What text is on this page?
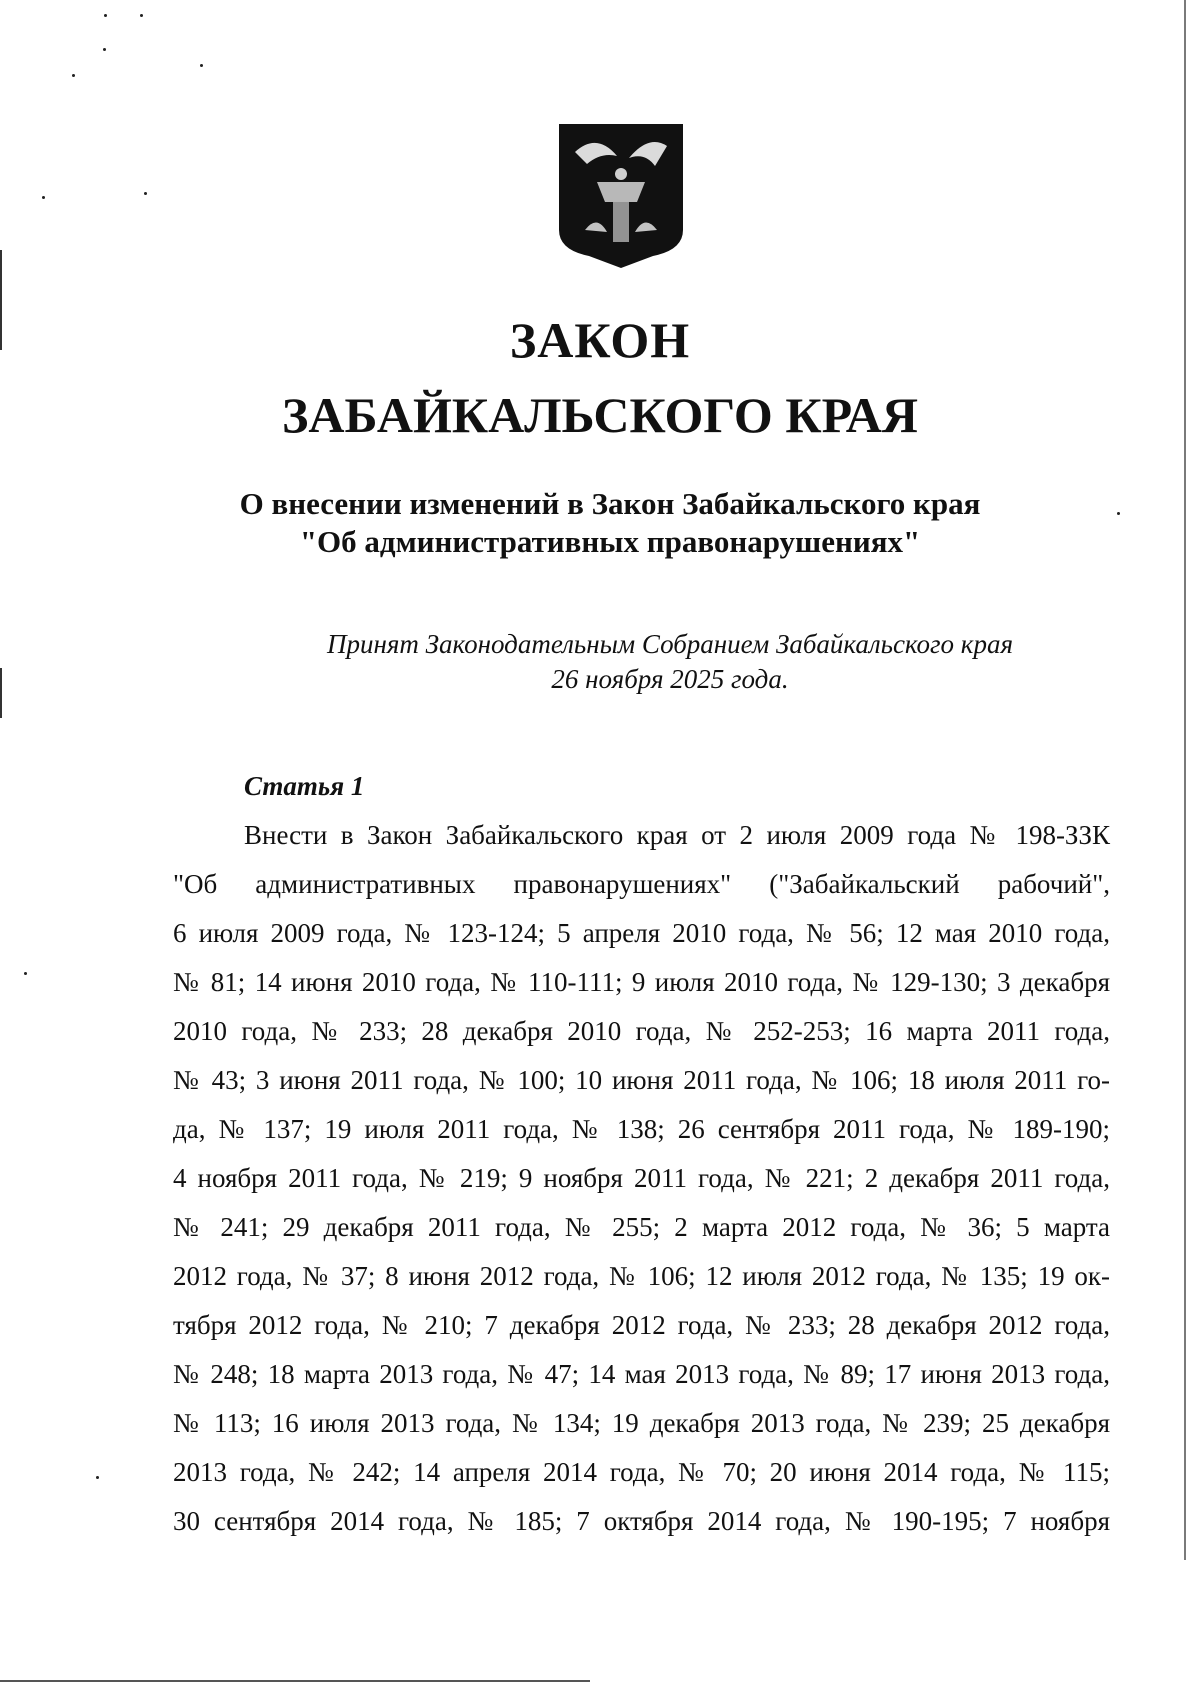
ЗАКОН
ЗАБАЙКАЛЬСКОГО КРАЯ
О внесении изменений в Закон Забайкальского края
"Об административных правонарушениях"
Принят Законодательным Собранием Забайкальского края
26 ноября 2025 года.
Статья 1
Внести в Закон Забайкальского края от 2 июля 2009 года № 198-ЗЗК
"Об административных правонарушениях" ("Забайкальский рабочий",
6 июля 2009 года, № 123-124; 5 апреля 2010 года, № 56; 12 мая 2010 года,
№ 81; 14 июня 2010 года, № 110-111; 9 июля 2010 года, № 129-130; 3 декабря
2010 года, № 233; 28 декабря 2010 года, № 252-253; 16 марта 2011 года,
№ 43; 3 июня 2011 года, № 100; 10 июня 2011 года, № 106; 18 июля 2011 го-
да, № 137; 19 июля 2011 года, № 138; 26 сентября 2011 года, № 189-190;
4 ноября 2011 года, № 219; 9 ноября 2011 года, № 221; 2 декабря 2011 года,
№ 241; 29 декабря 2011 года, № 255; 2 марта 2012 года, № 36; 5 марта
2012 года, № 37; 8 июня 2012 года, № 106; 12 июля 2012 года, № 135; 19 ок-
тября 2012 года, № 210; 7 декабря 2012 года, № 233; 28 декабря 2012 года,
№ 248; 18 марта 2013 года, № 47; 14 мая 2013 года, № 89; 17 июня 2013 года,
№ 113; 16 июля 2013 года, № 134; 19 декабря 2013 года, № 239; 25 декабря
2013 года, № 242; 14 апреля 2014 года, № 70; 20 июня 2014 года, № 115;
30 сентября 2014 года, № 185; 7 октября 2014 года, № 190-195; 7 ноября
